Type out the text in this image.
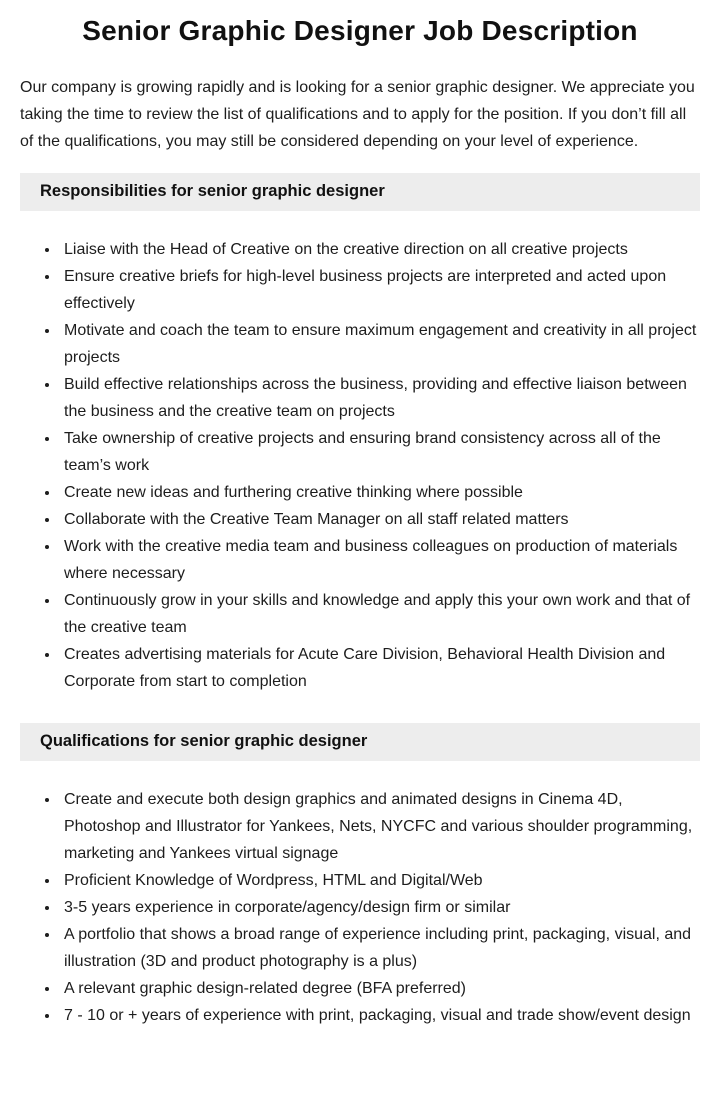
Senior Graphic Designer Job Description

Our company is growing rapidly and is looking for a senior graphic designer. We appreciate you taking the time to review the list of qualifications and to apply for the position. If you don’t fill all of the qualifications, you may still be considered depending on your level of experience.

Responsibilities for senior graphic designer
• Liaise with the Head of Creative on the creative direction on all creative projects
• Ensure creative briefs for high-level business projects are interpreted and acted upon effectively
• Motivate and coach the team to ensure maximum engagement and creativity in all project projects
• Build effective relationships across the business, providing and effective liaison between the business and the creative team on projects
• Take ownership of creative projects and ensuring brand consistency across all of the team’s work
• Create new ideas and furthering creative thinking where possible
• Collaborate with the Creative Team Manager on all staff related matters
• Work with the creative media team and business colleagues on production of materials where necessary
• Continuously grow in your skills and knowledge and apply this your own work and that of the creative team
• Creates advertising materials for Acute Care Division, Behavioral Health Division and Corporate from start to completion
Qualifications for senior graphic designer
• Create and execute both design graphics and animated designs in Cinema 4D, Photoshop and Illustrator for Yankees, Nets, NYCFC and various shoulder programming, marketing and Yankees virtual signage
• Proficient Knowledge of Wordpress, HTML and Digital/Web
• 3-5 years experience in corporate/agency/design firm or similar
• A portfolio that shows a broad range of experience including print, packaging, visual, and illustration (3D and product photography is a plus)
• A relevant graphic design-related degree (BFA preferred)
• 7 - 10 or + years of experience with print, packaging, visual and trade show/event design
